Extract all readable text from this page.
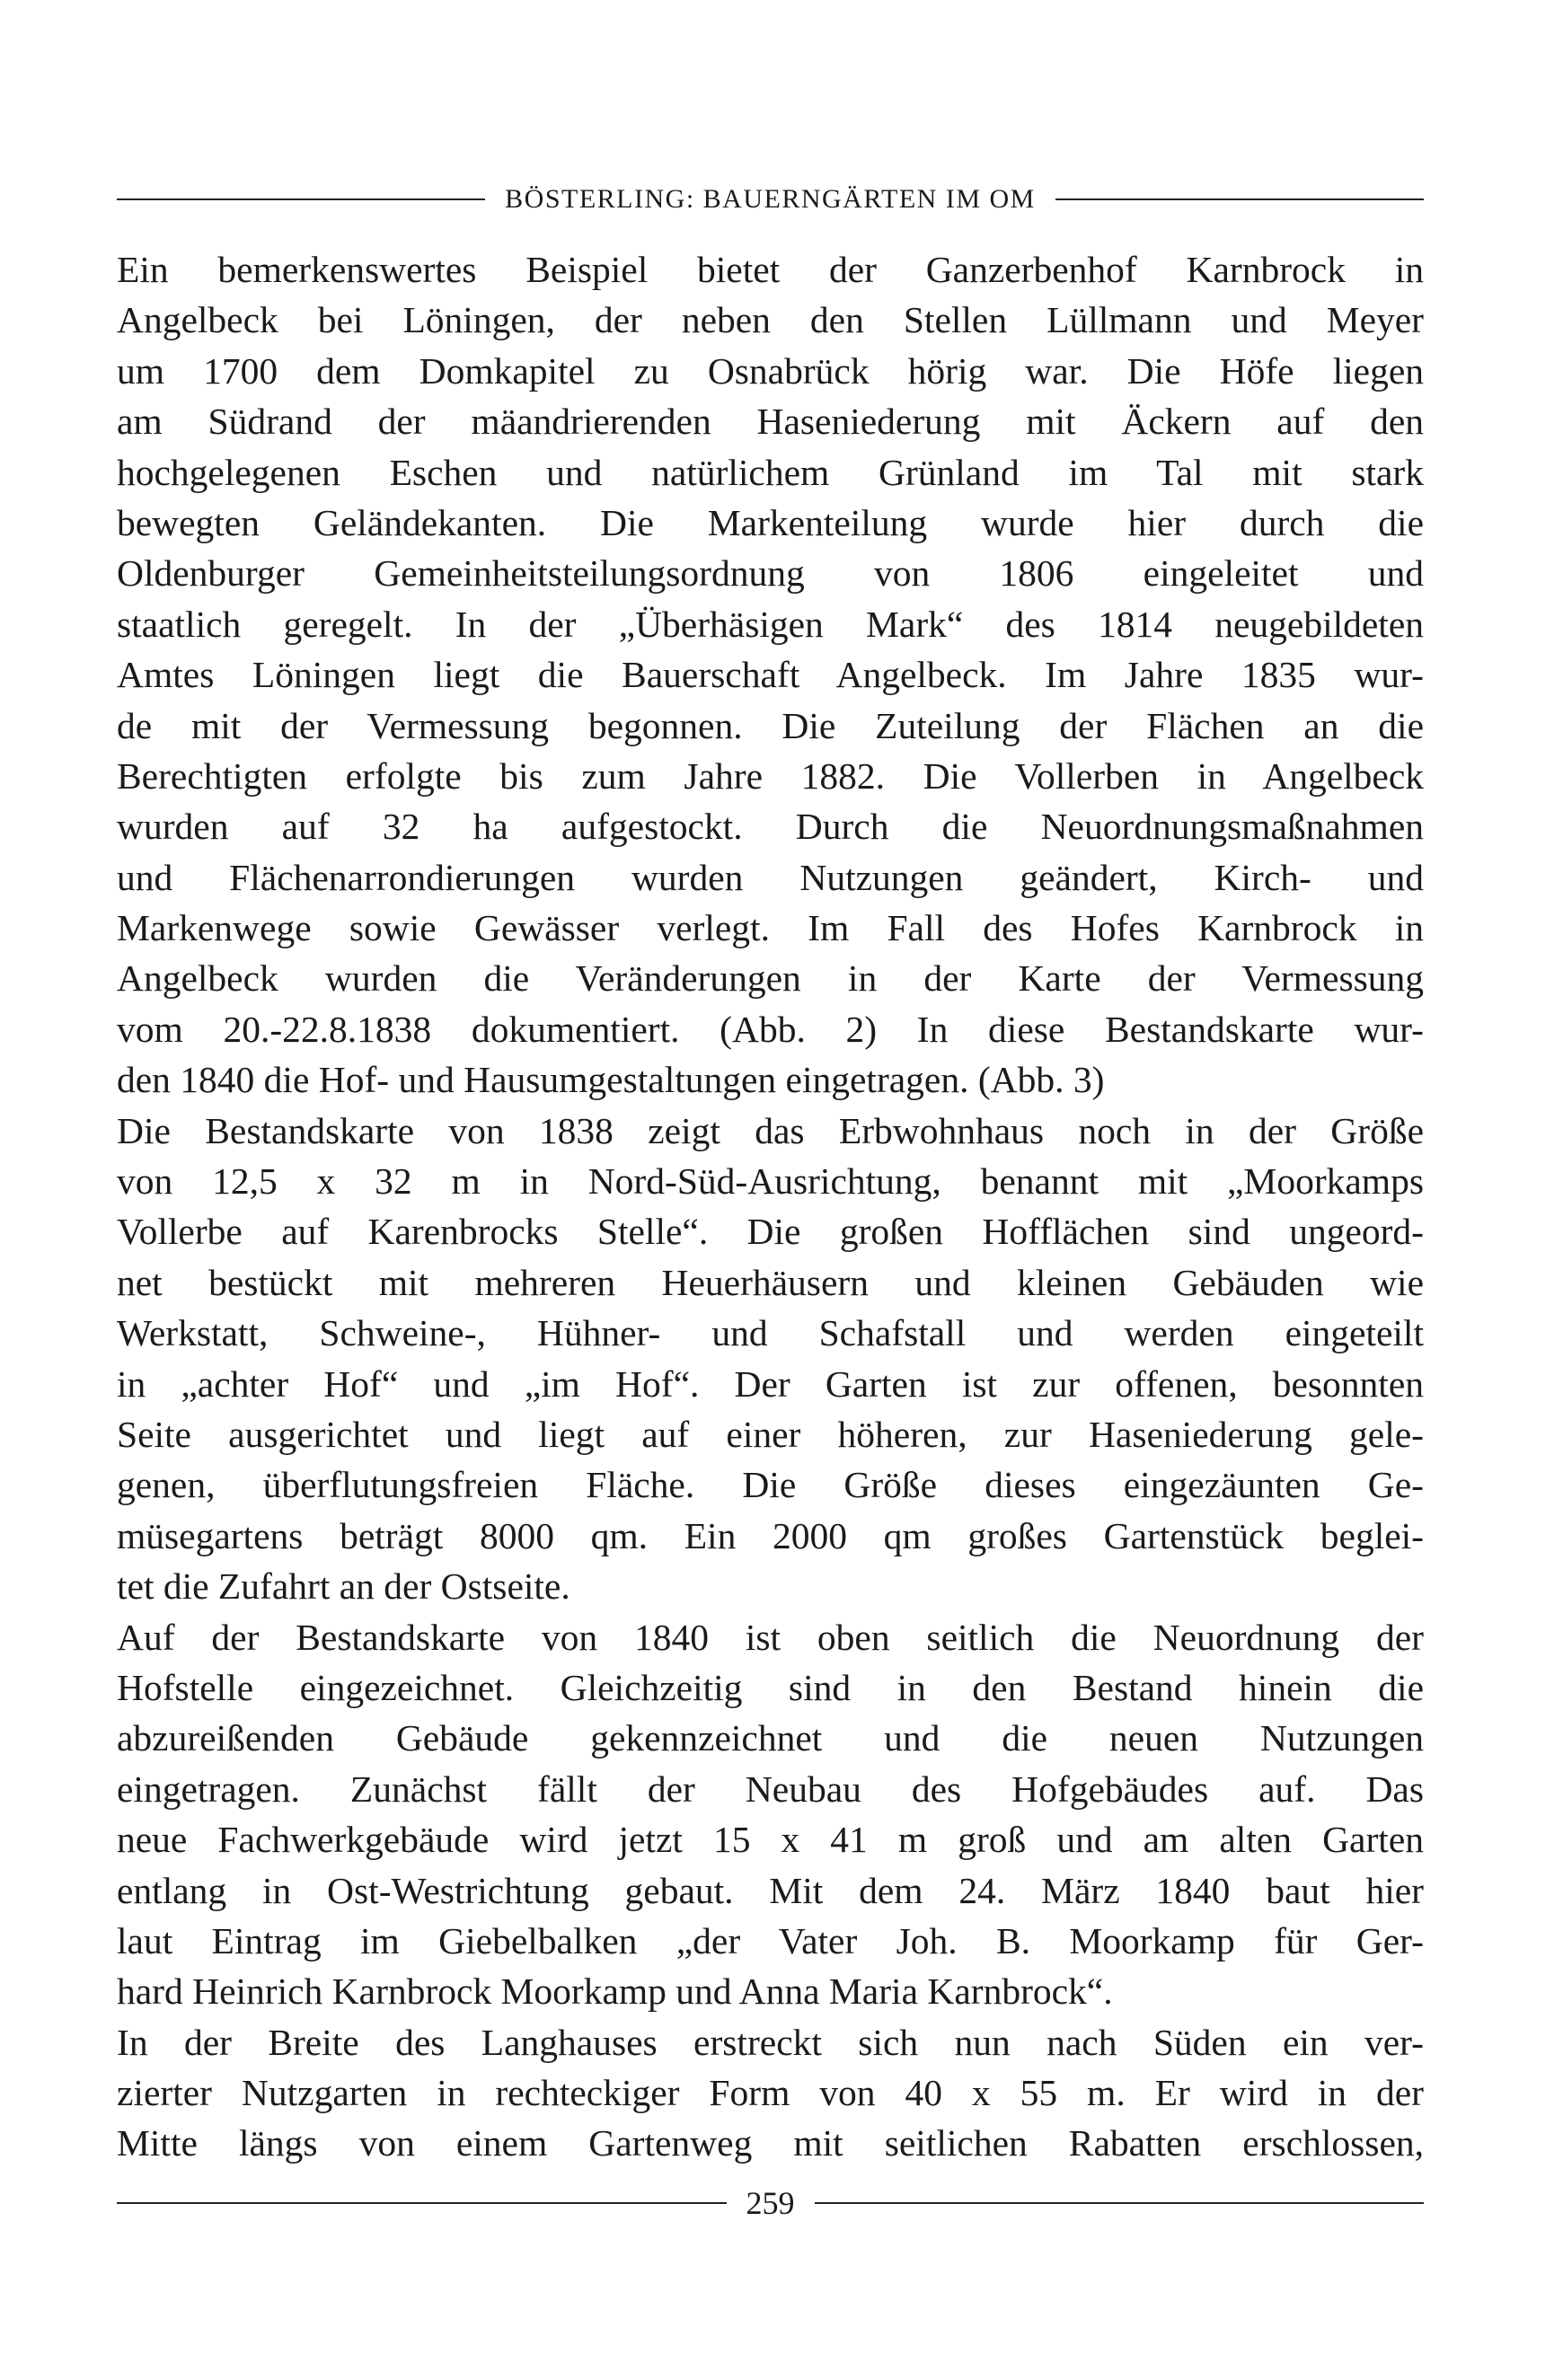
BÖSTERLING: BAUERNGÄRTEN IM OM
Ein bemerkenswertes Beispiel bietet der Ganzerbenhof Karnbrock in
Angelbeck bei Löningen, der neben den Stellen Lüllmann und Meyer
um 1700 dem Domkapitel zu Osnabrück hörig war. Die Höfe liegen
am Südrand der mäandrierenden Haseniederung mit Äckern auf den
hochgelegenen Eschen und natürlichem Grünland im Tal mit stark
bewegten Geländekanten. Die Markenteilung wurde hier durch die
Oldenburger Gemeinheitsteilungsordnung von 1806 eingeleitet und
staatlich geregelt. In der „Überhäsigen Mark“ des 1814 neugebildeten
Amtes Löningen liegt die Bauerschaft Angelbeck. Im Jahre 1835 wur-
de mit der Vermessung begonnen. Die Zuteilung der Flächen an die
Berechtigten erfolgte bis zum Jahre 1882. Die Vollerben in Angelbeck
wurden auf 32 ha aufgestockt. Durch die Neuordnungsmaßnahmen
und Flächenarrondierungen wurden Nutzungen geändert, Kirch- und
Markenwege sowie Gewässer verlegt. Im Fall des Hofes Karnbrock in
Angelbeck wurden die Veränderungen in der Karte der Vermessung
vom 20.-22.8.1838 dokumentiert. (Abb. 2) In diese Bestandskarte wur-
den 1840 die Hof- und Hausumgestaltungen eingetragen. (Abb. 3)
Die Bestandskarte von 1838 zeigt das Erbwohnhaus noch in der Größe
von 12,5 x 32 m in Nord-Süd-Ausrichtung, benannt mit „Moorkamps
Vollerbe auf Karenbrocks Stelle“. Die großen Hofflächen sind ungeord-
net bestückt mit mehreren Heuerhäusern und kleinen Gebäuden wie
Werkstatt, Schweine-, Hühner- und Schafstall und werden eingeteilt
in „achter Hof“ und „im Hof“. Der Garten ist zur offenen, besonnten
Seite ausgerichtet und liegt auf einer höheren, zur Haseniederung gele-
genen, überflutungsfreien Fläche. Die Größe dieses eingezäunten Ge-
müsegartens beträgt 8000 qm. Ein 2000 qm großes Gartenstück beglei-
tet die Zufahrt an der Ostseite.
Auf der Bestandskarte von 1840 ist oben seitlich die Neuordnung der
Hofstelle eingezeichnet. Gleichzeitig sind in den Bestand hinein die
abzureißenden Gebäude gekennzeichnet und die neuen Nutzungen
eingetragen. Zunächst fällt der Neubau des Hofgebäudes auf. Das
neue Fachwerkgebäude wird jetzt 15 x 41 m groß und am alten Garten
entlang in Ost-Westrichtung gebaut. Mit dem 24. März 1840 baut hier
laut Eintrag im Giebelbalken „der Vater Joh. B. Moorkamp für Ger-
hard Heinrich Karnbrock Moorkamp und Anna Maria Karnbrock“.
In der Breite des Langhauses erstreckt sich nun nach Süden ein ver-
zierter Nutzgarten in rechteckiger Form von 40 x 55 m. Er wird in der
Mitte längs von einem Gartenweg mit seitlichen Rabatten erschlossen,
259
